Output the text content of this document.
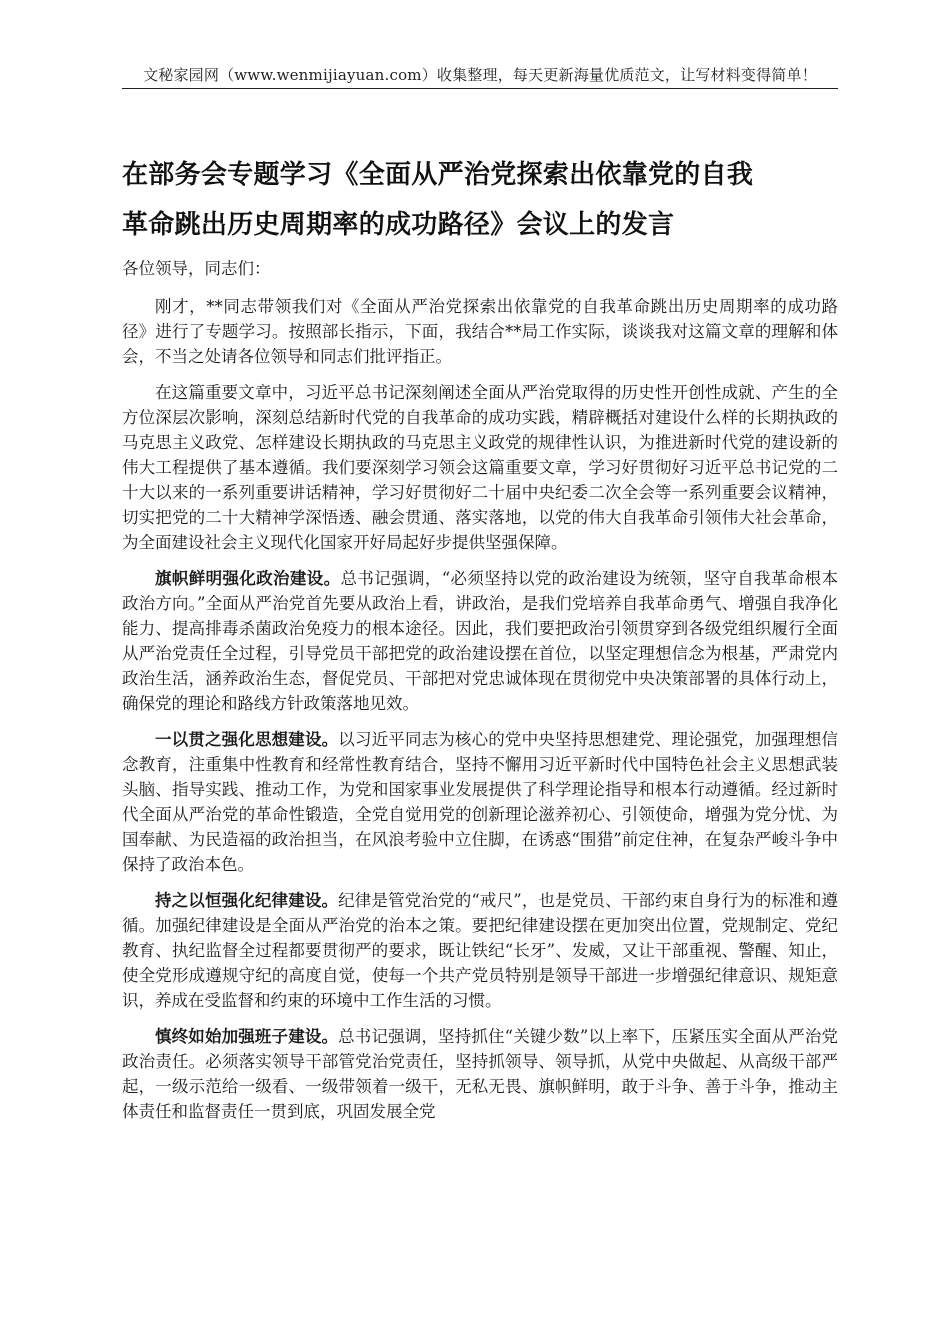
文秘家园网（www.wenmijiayuan.com）收集整理，每天更新海量优质范文，让写材料变得简单！
在部务会专题学习《全面从严治党探索出依靠党的自我
革命跳出历史周期率的成功路径》会议上的发言

各位领导，同志们：

刚才，**同志带领我们对《全面从严治党探索出依靠党的自我革命跳出历史周期率的成功路径》进行了专题学习。按照部长指示，下面，我结合**局工作实际，谈谈我对这篇文章的理解和体会，不当之处请各位领导和同志们批评指正。

在这篇重要文章中，习近平总书记深刻阐述全面从严治党取得的历史性开创性成就、产生的全方位深层次影响，深刻总结新时代党的自我革命的成功实践，精辟概括对建设什么样的长期执政的马克思主义政党、怎样建设长期执政的马克思主义政党的规律性认识，为推进新时代党的建设新的伟大工程提供了基本遵循。我们要深刻学习领会这篇重要文章，学习好贯彻好习近平总书记党的二十大以来的一系列重要讲话精神，学习好贯彻好二十届中央纪委二次全会等一系列重要会议精神，切实把党的二十大精神学深悟透、融会贯通、落实落地，以党的伟大自我革命引领伟大社会革命，为全面建设社会主义现代化国家开好局起好步提供坚强保障。

旗帜鲜明强化政治建设。总书记强调，“必须坚持以党的政治建设为统领，坚守自我革命根本政治方向。”全面从严治党首先要从政治上看，讲政治，是我们党培养自我革命勇气、增强自我净化能力、提高排毒杀菌政治免疫力的根本途径。因此，我们要把政治引领贯穿到各级党组织履行全面从严治党责任全过程，引导党员干部把党的政治建设摆在首位，以坚定理想信念为根基，严肃党内政治生活，涵养政治生态，督促党员、干部把对党忠诚体现在贯彻党中央决策部署的具体行动上，确保党的理论和路线方针政策落地见效。

一以贯之强化思想建设。以习近平同志为核心的党中央坚持思想建党、理论强党，加强理想信念教育，注重集中性教育和经常性教育结合，坚持不懈用习近平新时代中国特色社会主义思想武装头脑、指导实践、推动工作，为党和国家事业发展提供了科学理论指导和根本行动遵循。经过新时代全面从严治党的革命性锻造，全党自觉用党的创新理论滋养初心、引领使命，增强为党分忧、为国奉献、为民造福的政治担当，在风浪考验中立住脚，在诱惑“围猎”前定住神，在复杂严峻斗争中保持了政治本色。

持之以恒强化纪律建设。纪律是管党治党的“戒尺”，也是党员、干部约束自身行为的标准和遵循。加强纪律建设是全面从严治党的治本之策。要把纪律建设摆在更加突出位置，党规制定、党纪教育、执纪监督全过程都要贯彻严的要求，既让铁纪“长牙”、发威，又让干部重视、警醒、知止，使全党形成遵规守纪的高度自觉，使每一个共产党员特别是领导干部进一步增强纪律意识、规矩意识，养成在受监督和约束的环境中工作生活的习惯。

慎终如始加强班子建设。总书记强调，坚持抓住“关键少数”以上率下，压紧压实全面从严治党政治责任。必须落实领导干部管党治党责任，坚持抓领导、领导抓，从党中央做起、从高级干部严起，一级示范给一级看、一级带领着一级干，无私无畏、旗帜鲜明，敢于斗争、善于斗争，推动主体责任和监督责任一贯到底，巩固发展全党
